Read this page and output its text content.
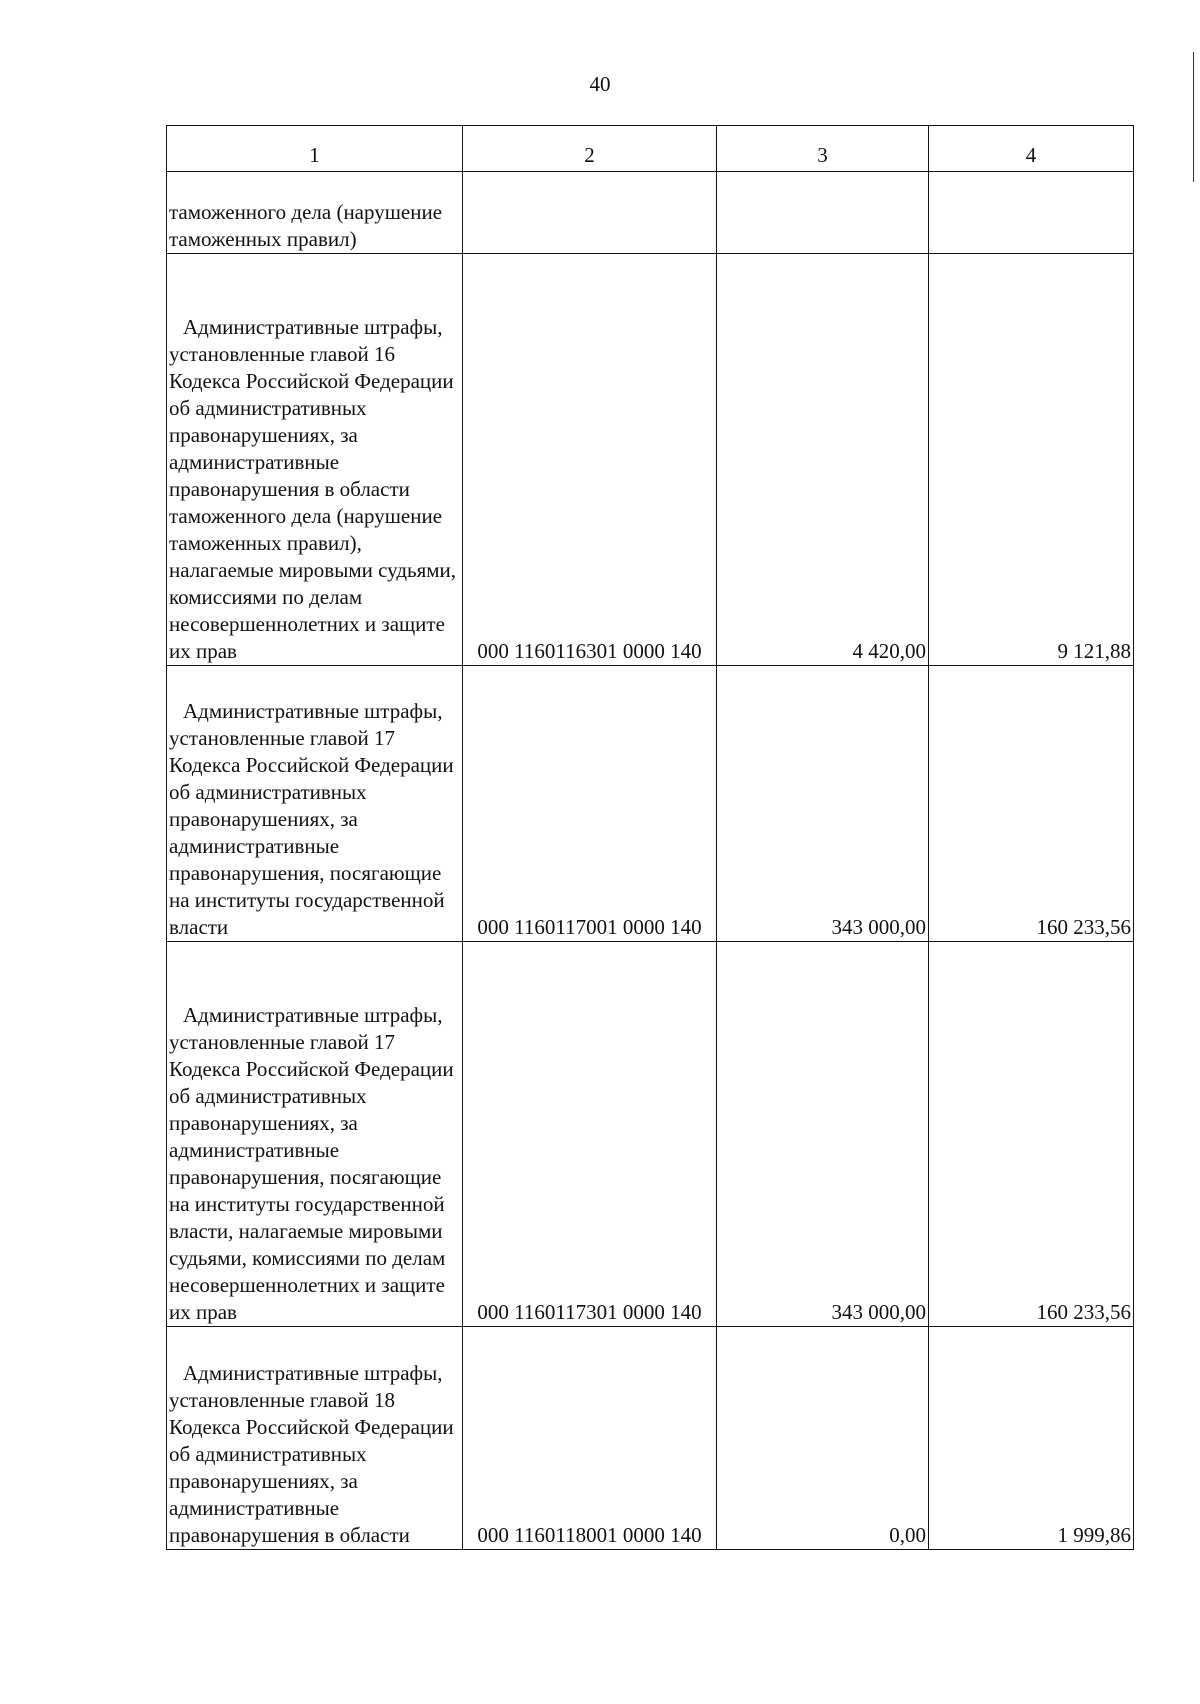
40
1	2	3	4
таможенного дела (нарушение таможенных правил)			
Административные штрафы, установленные главой 16 Кодекса Российской Федерации об административных правонарушениях, за административные правонарушения в области таможенного дела (нарушение таможенных правил), налагаемые мировыми судьями, комиссиями по делам несовершеннолетних и защите их прав	000 1160116301 0000 140	4 420,00	9 121,88
Административные штрафы, установленные главой 17 Кодекса Российской Федерации об административных правонарушениях, за административные правонарушения, посягающие на институты государственной власти	000 1160117001 0000 140	343 000,00	160 233,56
Административные штрафы, установленные главой 17 Кодекса Российской Федерации об административных правонарушениях, за административные правонарушения, посягающие на институты государственной власти, налагаемые мировыми судьями, комиссиями по делам несовершеннолетних и защите их прав	000 1160117301 0000 140	343 000,00	160 233,56
Административные штрафы, установленные главой 18 Кодекса Российской Федерации об административных правонарушениях, за административные правонарушения в области	000 1160118001 0000 140	0,00	1 999,86
